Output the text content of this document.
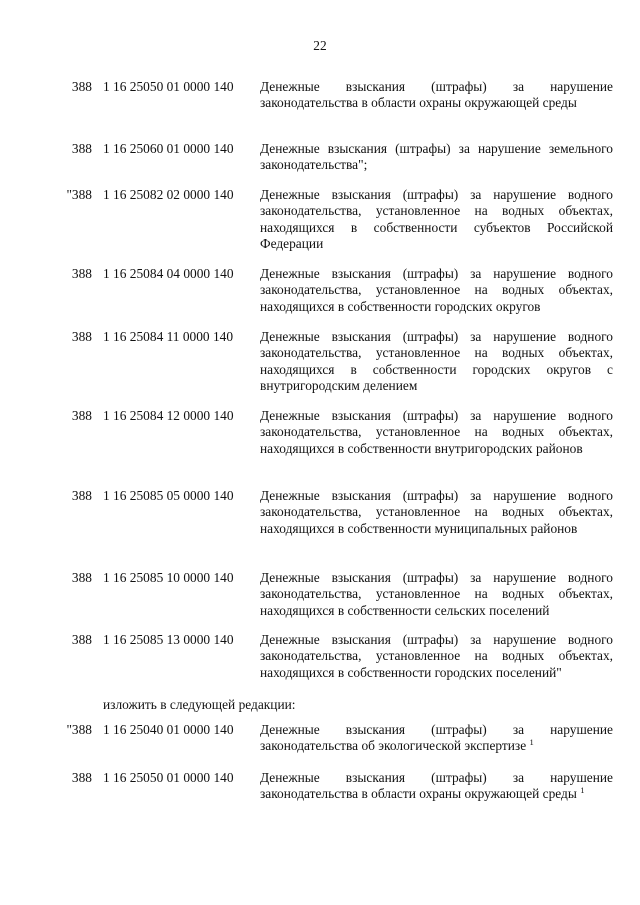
22
388 1 16 25050 01 0000 140 Денежные взыскания (штрафы) за нарушение законодательства в области охраны окружающей среды
388 1 16 25060 01 0000 140 Денежные взыскания (штрафы) за нарушение земельного законодательства";
"388 1 16 25082 02 0000 140 Денежные взыскания (штрафы) за нарушение водного законодательства, установленное на водных объектах, находящихся в собственности субъектов Российской Федерации
388 1 16 25084 04 0000 140 Денежные взыскания (штрафы) за нарушение водного законодательства, установленное на водных объектах, находящихся в собственности городских округов
388 1 16 25084 11 0000 140 Денежные взыскания (штрафы) за нарушение водного законодательства, установленное на водных объектах, находящихся в собственности городских округов с внутригородским делением
388 1 16 25084 12 0000 140 Денежные взыскания (штрафы) за нарушение водного законодательства, установленное на водных объектах, находящихся в собственности внутригородских районов
388 1 16 25085 05 0000 140 Денежные взыскания (штрафы) за нарушение водного законодательства, установленное на водных объектах, находящихся в собственности муниципальных районов
388 1 16 25085 10 0000 140 Денежные взыскания (штрафы) за нарушение водного законодательства, установленное на водных объектах, находящихся в собственности сельских поселений
388 1 16 25085 13 0000 140 Денежные взыскания (штрафы) за нарушение водного законодательства, установленное на водных объектах, находящихся в собственности городских поселений"
изложить в следующей редакции:
"388 1 16 25040 01 0000 140 Денежные взыскания (штрафы) за нарушение законодательства об экологической экспертизе $^1$
388 1 16 25050 01 0000 140 Денежные взыскания (штрафы) за нарушение законодательства в области охраны окружающей среды $^1$
